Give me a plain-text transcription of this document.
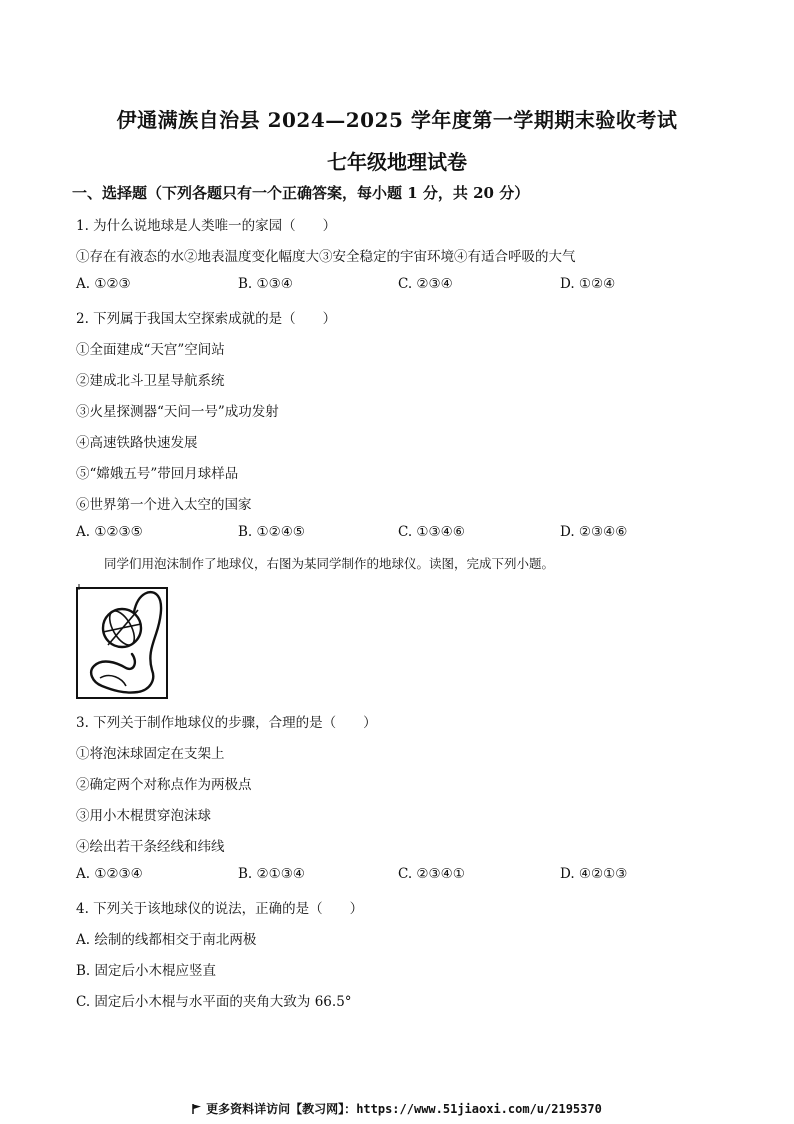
伊通满族自治县 2024—2025 学年度第一学期期末验收考试
七年级地理试卷
一、选择题（下列各题只有一个正确答案，每小题 1 分，共 20 分）
1. 为什么说地球是人类唯一的家园（　　）
①存在有液态的水②地表温度变化幅度大③安全稳定的宇宙环境④有适合呼吸的大气
A. ①②③	B. ①③④	C. ②③④	D. ①②④
2. 下列属于我国太空探索成就的是（　　）
①全面建成“天宫”空间站
②建成北斗卫星导航系统
③火星探测器“天问一号”成功发射
④高速铁路快速发展
⑤“嫦娥五号”带回月球样品
⑥世界第一个进入太空的国家
A. ①②③⑤	B. ①②④⑤	C. ①③④⑥	D. ②③④⑥
同学们用泡沫制作了地球仪，右图为某同学制作的地球仪。读图，完成下列小题。
3. 下列关于制作地球仪的步骤，合理的是（　　）
①将泡沫球固定在支架上
②确定两个对称点作为两极点
③用小木棍贯穿泡沫球
④绘出若干条经线和纬线
A. ①②③④	B. ②①③④	C. ②③④①	D. ④②①③
4. 下列关于该地球仪的说法，正确的是（　　）
A. 绘制的线都相交于南北两极
B. 固定后小木棍应竖直
C. 固定后小木棍与水平面的夹角大致为 66.5°
更多资料详访问【教习网】：https://www.51jiaoxi.com/u/2195370
